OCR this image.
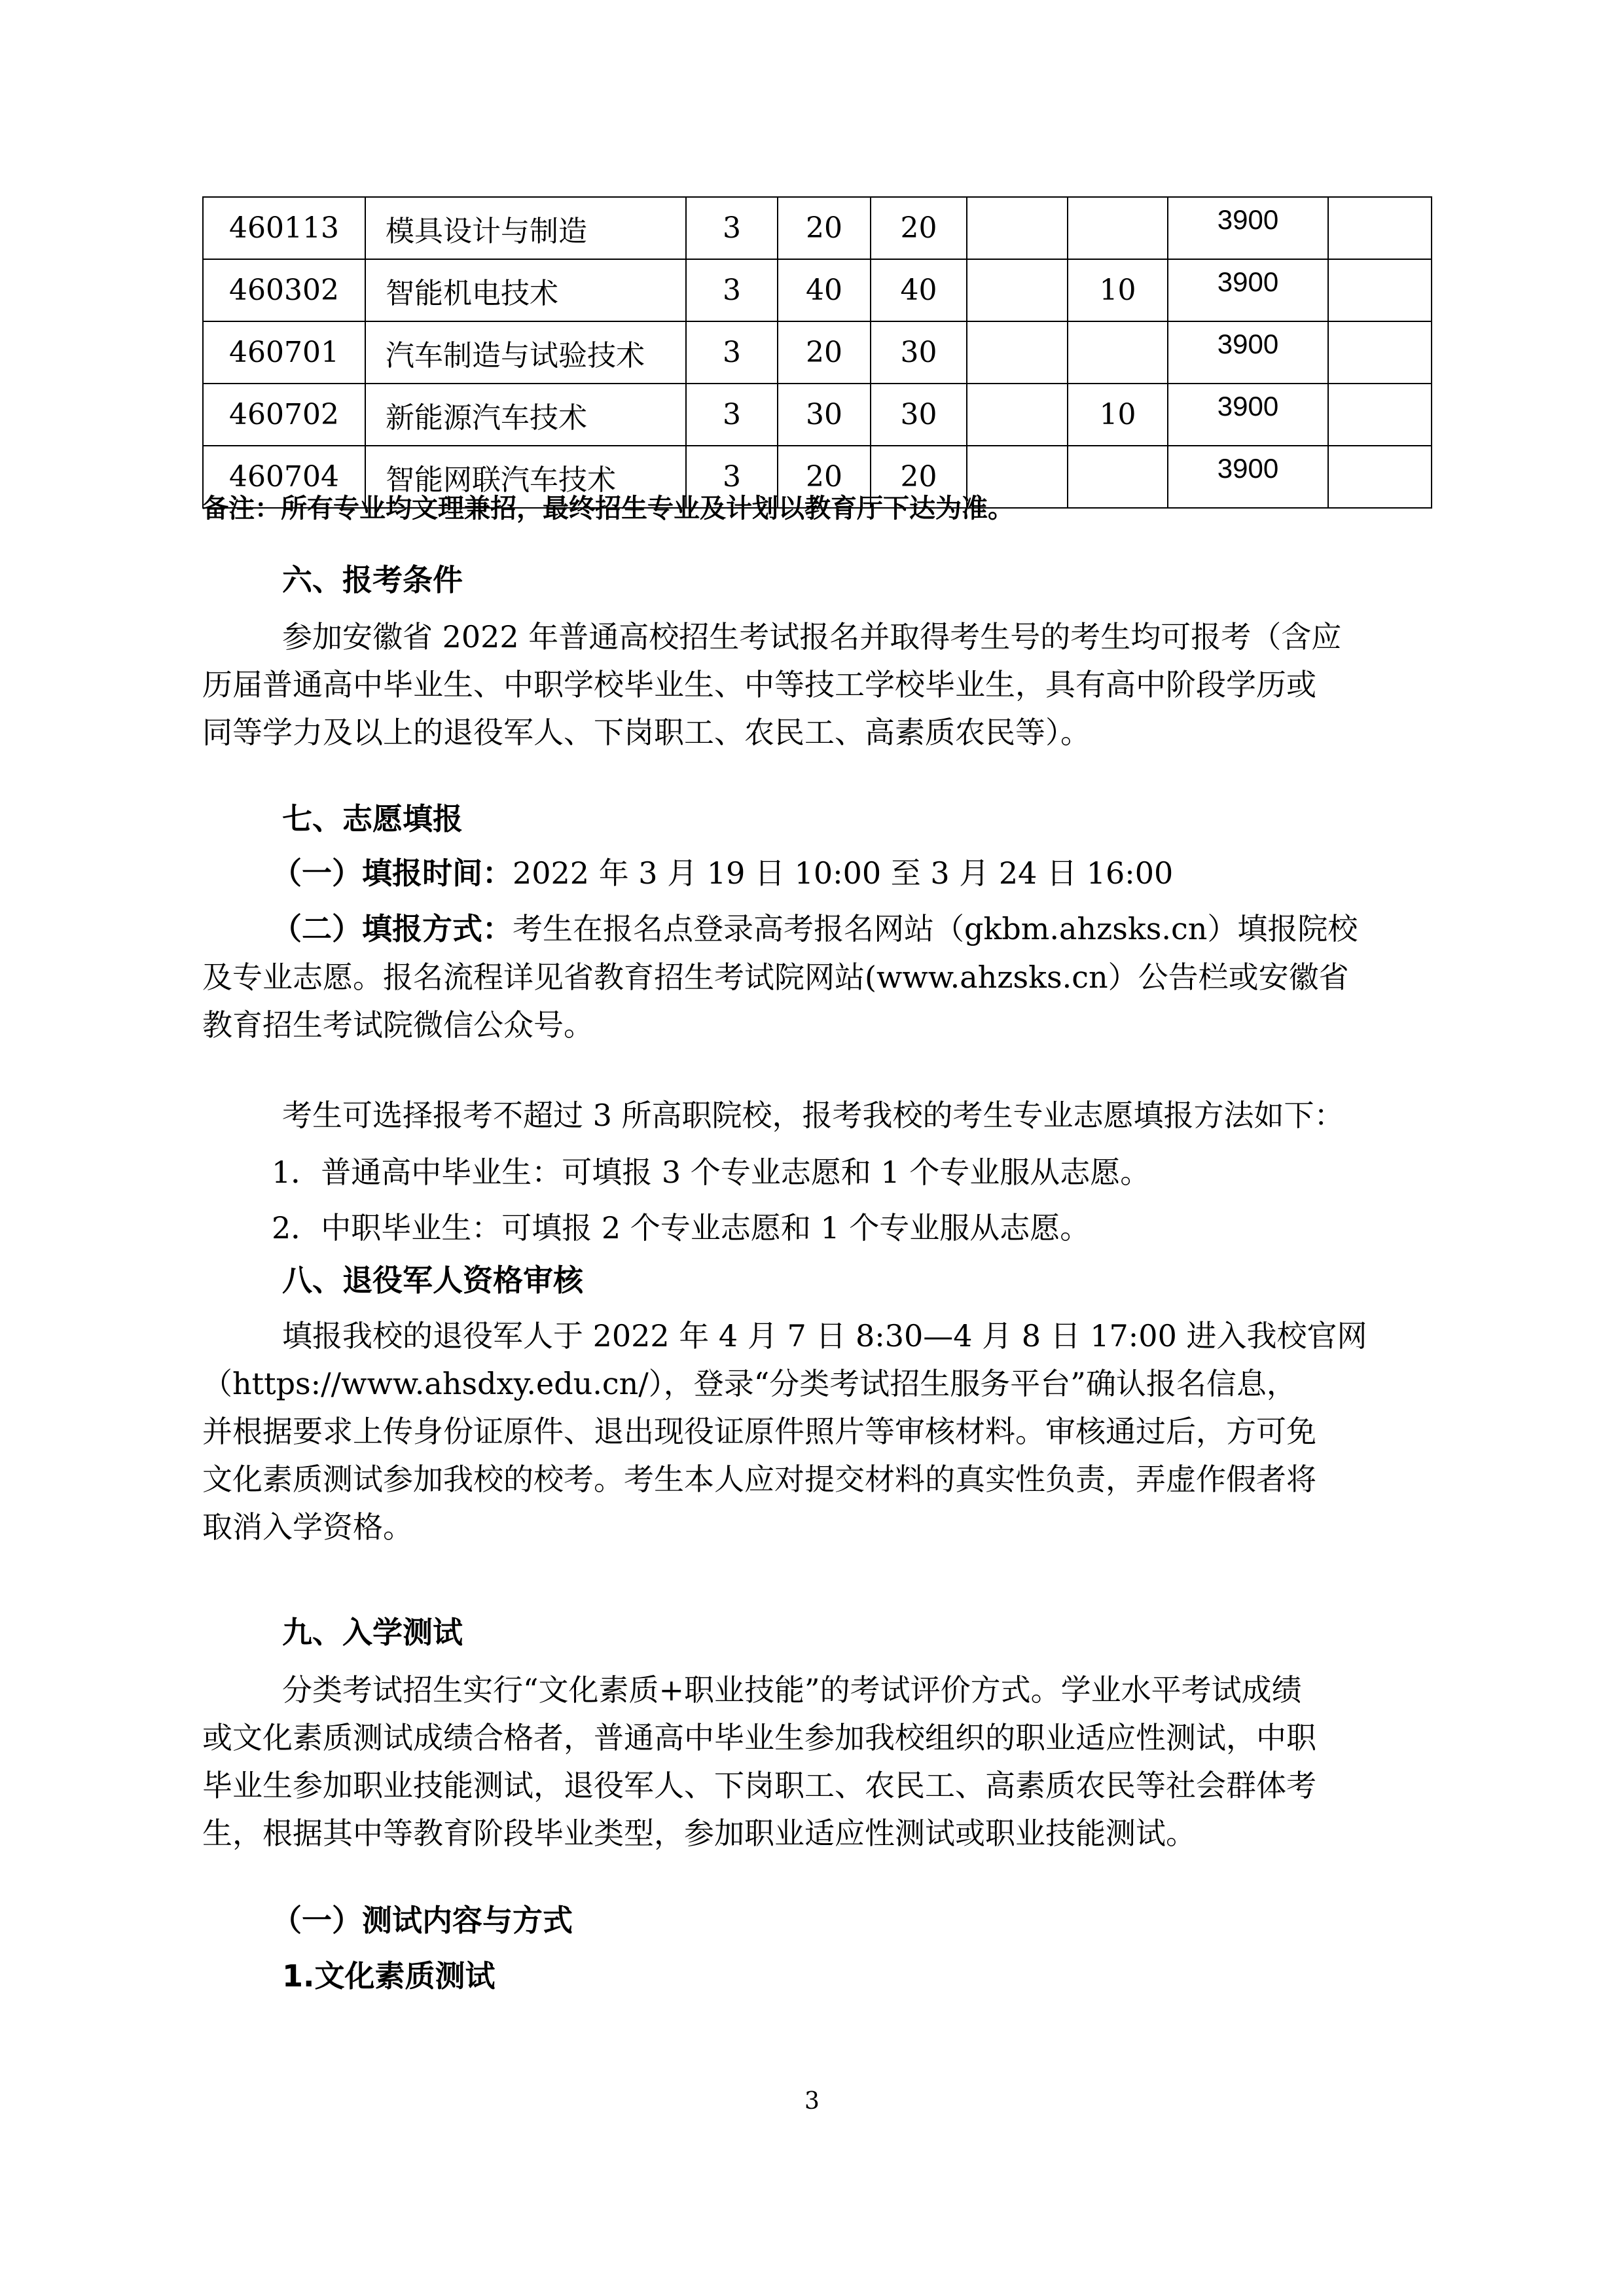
460113	模具设计与制造	3	20	20			3900	
460302	智能机电技术	3	40	40		10	3900	
460701	汽车制造与试验技术	3	20	30			3900	
460702	新能源汽车技术	3	30	30		10	3900	
460704	智能网联汽车技术	3	20	20			3900	
备注：所有专业均文理兼招，最终招生专业及计划以教育厅下达为准。
六、报考条件
参加安徽省 2022 年普通高校招生考试报名并取得考生号的考生均可报考（含应
历届普通高中毕业生、中职学校毕业生、中等技工学校毕业生，具有高中阶段学历或
同等学力及以上的退役军人、下岗职工、农民工、高素质农民等）。
七、志愿填报
（一）填报时间：2022 年 3 月 19 日 10:00 至 3 月 24 日 16:00
（二）填报方式：考生在报名点登录高考报名网站（gkbm.ahzsks.cn）填报院校
及专业志愿。报名流程详见省教育招生考试院网站(www.ahzsks.cn）公告栏或安徽省
教育招生考试院微信公众号。
考生可选择报考不超过 3 所高职院校，报考我校的考生专业志愿填报方法如下：
1．普通高中毕业生：可填报 3 个专业志愿和 1 个专业服从志愿。
2．中职毕业生：可填报 2 个专业志愿和 1 个专业服从志愿。
八、退役军人资格审核
填报我校的退役军人于 2022 年 4 月 7 日 8:30—4 月 8 日 17:00 进入我校官网
（https://www.ahsdxy.edu.cn/），登录“分类考试招生服务平台”确认报名信息，
并根据要求上传身份证原件、退出现役证原件照片等审核材料。审核通过后，方可免
文化素质测试参加我校的校考。考生本人应对提交材料的真实性负责，弄虚作假者将
取消入学资格。
九、入学测试
分类考试招生实行“文化素质+职业技能”的考试评价方式。学业水平考试成绩
或文化素质测试成绩合格者，普通高中毕业生参加我校组织的职业适应性测试，中职
毕业生参加职业技能测试，退役军人、下岗职工、农民工、高素质农民等社会群体考
生，根据其中等教育阶段毕业类型，参加职业适应性测试或职业技能测试。
（一）测试内容与方式
1.文化素质测试
3
